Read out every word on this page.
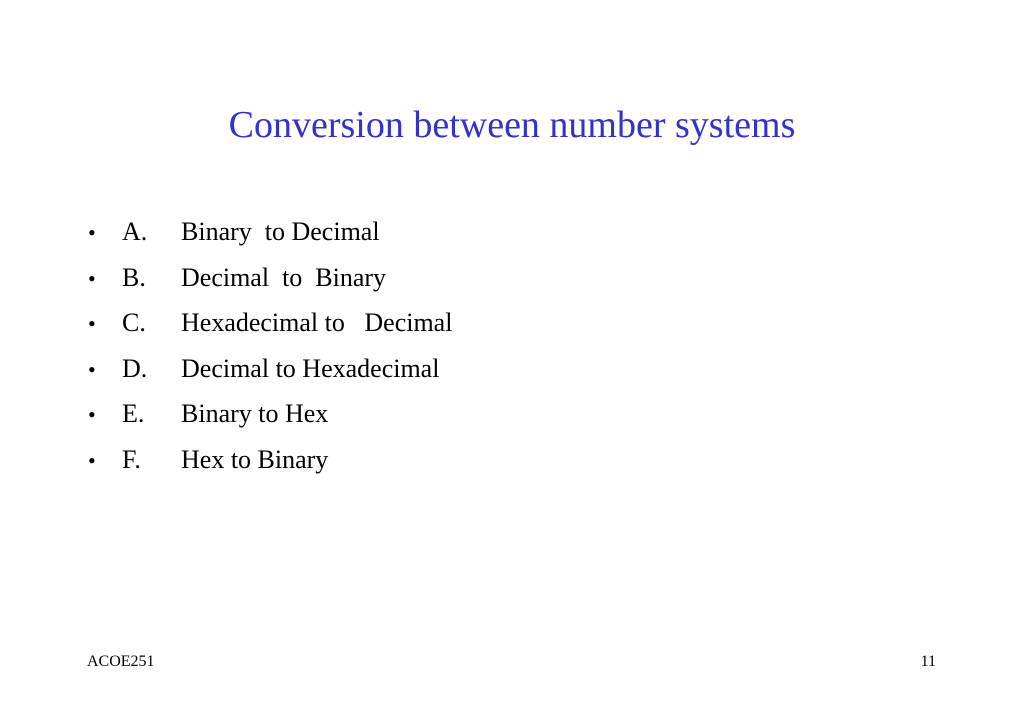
Conversion between number systems
•	A.	Binary  to Decimal
•	B.	Decimal  to  Binary
•	C.	Hexadecimal to   Decimal
•	D.	Decimal to Hexadecimal
•	E.	Binary to Hex
•	F.	Hex to Binary
ACOE251	11
